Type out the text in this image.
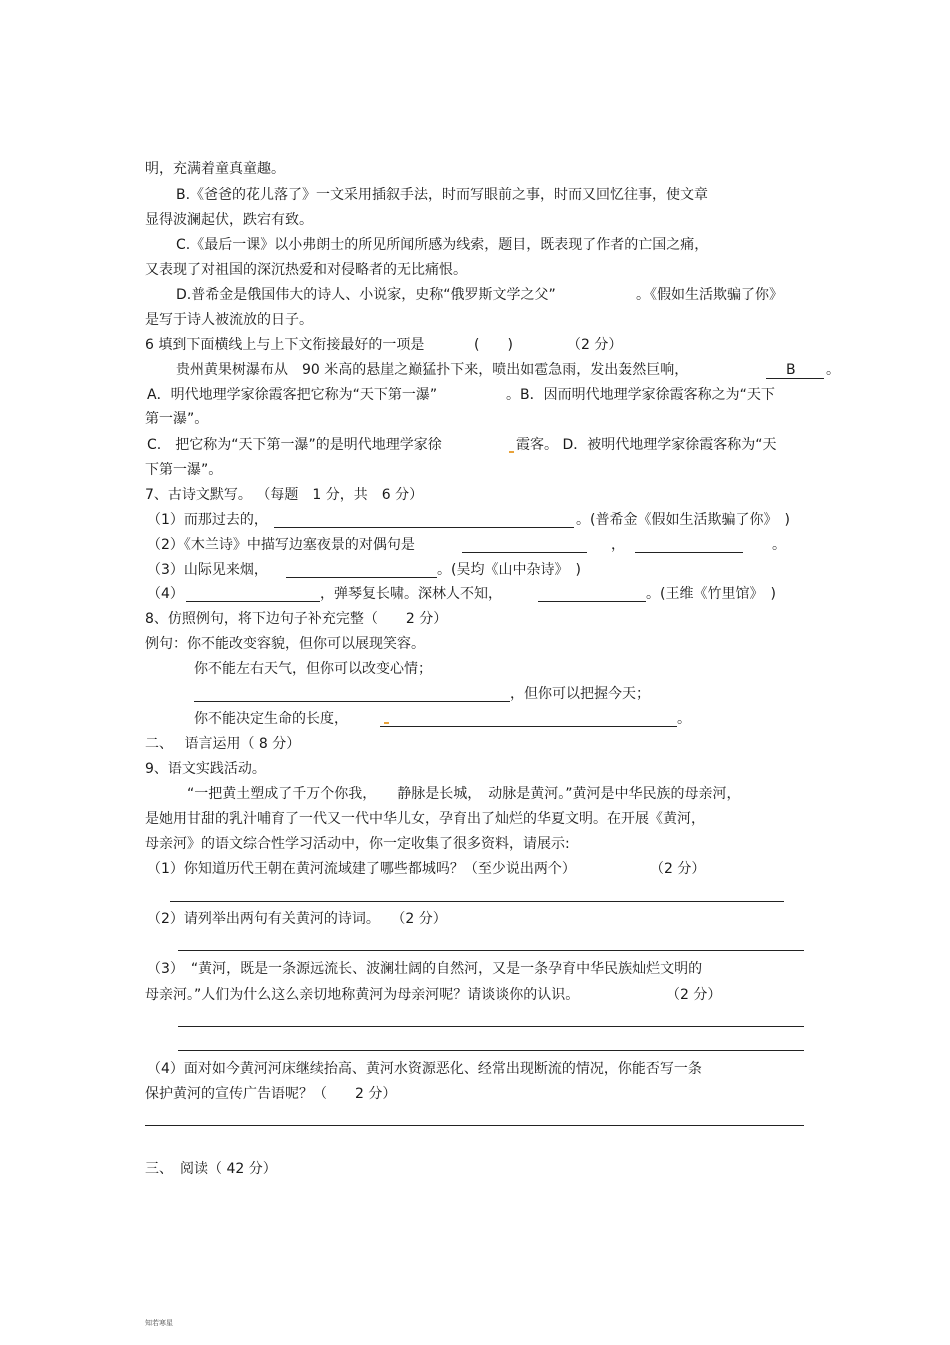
明，充满着童真童趣。
B.《爸爸的花儿落了》一文采用插叙手法，时而写眼前之事，时而又回忆往事，使文章
显得波澜起伏，跌宕有致。
C.《最后一课》以小弗朗士的所见所闻所感为线索，题目，既表现了作者的亡国之痛，
又表现了对祖国的深沉热爱和对侵略者的无比痛恨。
D.普希金是俄国伟大的诗人、小说家，史称“俄罗斯文学之父”	。《假如生活欺骗了你》
是写于诗人被流放的日子。
6 填到下面横线上与上下文衔接最好的一项是	(　　)	（2 分）
贵州黄果树瀑布从　90 米高的悬崖之巅猛扑下来，喷出如雹急雨，发出轰然巨响，	B 。
A．明代地理学家徐霞客把它称为“天下第一瀑”	。B．因而明代地理学家徐霞客称之为“天下
第一瀑”。
C.　把它称为“天下第一瀑”的是明代地理学家徐	霞客。 D．被明代地理学家徐霞客称为“天
下第一瀑”。
7、古诗文默写。 （每题　1 分，共　6 分）
（1）而那过去的，	。(普希金《假如生活欺骗了你》　)
（2）《木兰诗》中描写边塞夜景的对偶句是	，	。
（3）山际见来烟，	。(吴均《山中杂诗》　)
（4）	，弹琴复长啸。深林人不知，	。(王维《竹里馆》　)
8、仿照例句，将下边句子补充完整（　　2 分）
例句：你不能改变容貌，但你可以展现笑容。
你不能左右天气，但你可以改变心情；
，但你可以把握今天；
你不能决定生命的长度，	。
二、　 语言运用（ 8 分）
9、语文实践活动。
“一把黄土塑成了千万个你我，　　静脉是长城，　动脉是黄河。”黄河是中华民族的母亲河，
是她用甘甜的乳汁哺育了一代又一代中华儿女，孕育出了灿烂的华夏文明。在开展《黄河，
母亲河》的语文综合性学习活动中，你一定收集了很多资料，请展示:
（1）你知道历代王朝在黄河流域建了哪些都城吗？（至少说出两个）	（2 分）
（2）请列举出两句有关黄河的诗词。　 （2 分）
（3）　“黄河，既是一条源远流长、波澜壮阔的自然河，又是一条孕育中华民族灿烂文明的
母亲河。”人们为什么这么亲切地称黄河为母亲河呢？请谈谈你的认识。	（2 分）
（4）面对如今黄河河床继续抬高、黄河水资源恶化、经常出现断流的情况，你能否写一条
保护黄河的宣传广告语呢？（　　2 分）
三、　阅读（ 42 分）
知若寒星
